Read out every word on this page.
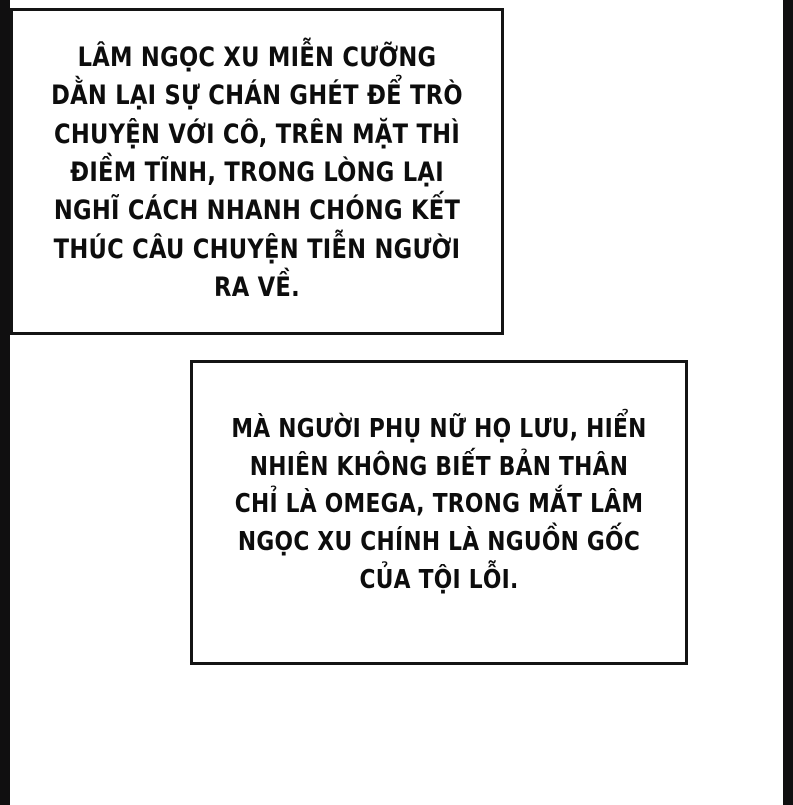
LÂM NGỌC XU MIỄN CƯỠNG DẰN LẠI SỰ CHÁN GHÉT ĐỂ TRÒ CHUYỆN VỚI CÔ, TRÊN MẶT THÌ ĐIỀM TĨNH, TRONG LÒNG LẠI NGHĨ CÁCH NHANH CHÓNG KẾT THÚC CÂU CHUYỆN TIỄN NGƯỜI RA VỀ.

MÀ NGƯỜI PHỤ NỮ HỌ LƯU, HIỂN NHIÊN KHÔNG BIẾT BẢN THÂN CHỈ LÀ OMEGA, TRONG MẮT LÂM NGỌC XU CHÍNH LÀ NGUỒN GỐC CỦA TỘI LỖI.
